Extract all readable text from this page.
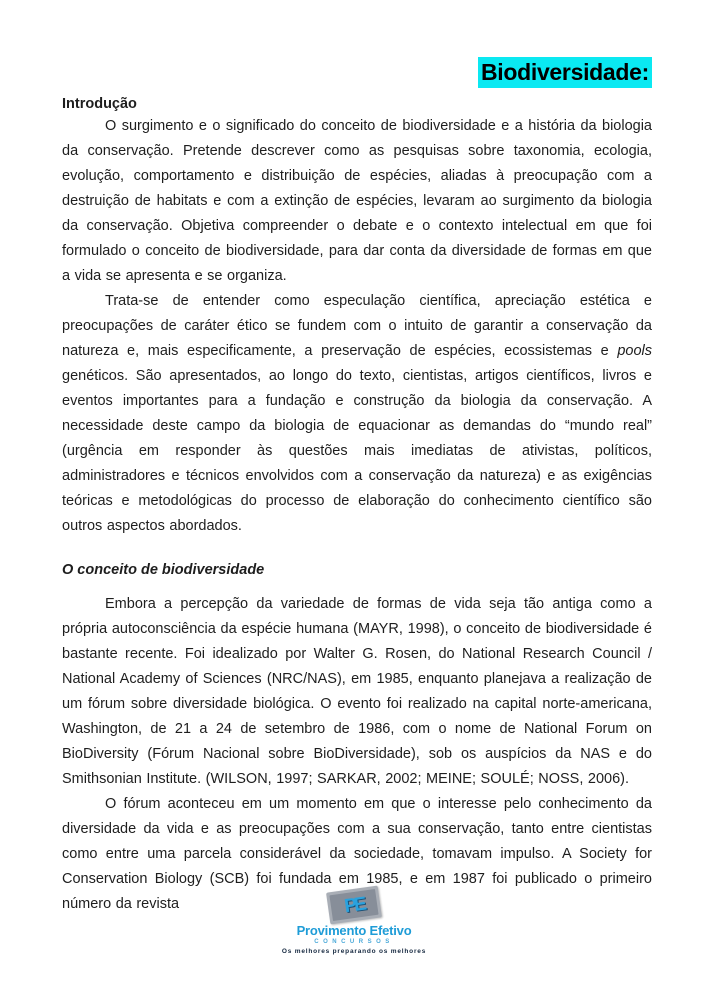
Biodiversidade:
Introdução

O surgimento e o significado do conceito de biodiversidade e a história da biologia da conservação. Pretende descrever como as pesquisas sobre taxonomia, ecologia, evolução, comportamento e distribuição de espécies, aliadas à preocupação com a destruição de habitats e com a extinção de espécies, levaram ao surgimento da biologia da conservação. Objetiva compreender o debate e o contexto intelectual em que foi formulado o conceito de biodiversidade, para dar conta da diversidade de formas em que a vida se apresenta e se organiza.

Trata-se de entender como especulação científica, apreciação estética e preocupações de caráter ético se fundem com o intuito de garantir a conservação da natureza e, mais especificamente, a preservação de espécies, ecossistemas e pools genéticos. São apresentados, ao longo do texto, cientistas, artigos científicos, livros e eventos importantes para a fundação e construção da biologia da conservação. A necessidade deste campo da biologia de equacionar as demandas do “mundo real” (urgência em responder às questões mais imediatas de ativistas, políticos, administradores e técnicos envolvidos com a conservação da natureza) e as exigências teóricas e metodológicas do processo de elaboração do conhecimento científico são outros aspectos abordados.

O conceito de biodiversidade

Embora a percepção da variedade de formas de vida seja tão antiga como a própria autoconsciência da espécie humana (MAYR, 1998), o conceito de biodiversidade é bastante recente. Foi idealizado por Walter G. Rosen, do National Research Council / National Academy of Sciences (NRC/NAS), em 1985, enquanto planejava a realização de um fórum sobre diversidade biológica. O evento foi realizado na capital norte-americana, Washington, de 21 a 24 de setembro de 1986, com o nome de National Forum on BioDiversity (Fórum Nacional sobre BioDiversidade), sob os auspícios da NAS e do Smithsonian Institute. (WILSON, 1997; SARKAR, 2002; MEINE; SOULÉ; NOSS, 2006).

O fórum aconteceu em um momento em que o interesse pelo conhecimento da diversidade da vida e as preocupações com a sua conservação, tanto entre cientistas como entre uma parcela considerável da sociedade, tomavam impulso. A Society for Conservation Biology (SCB) foi fundada em 1985, e em 1987 foi publicado o primeiro número da revista	PE
Provimento Efetivo
CONCURSOS
Os melhores preparando os melhores
